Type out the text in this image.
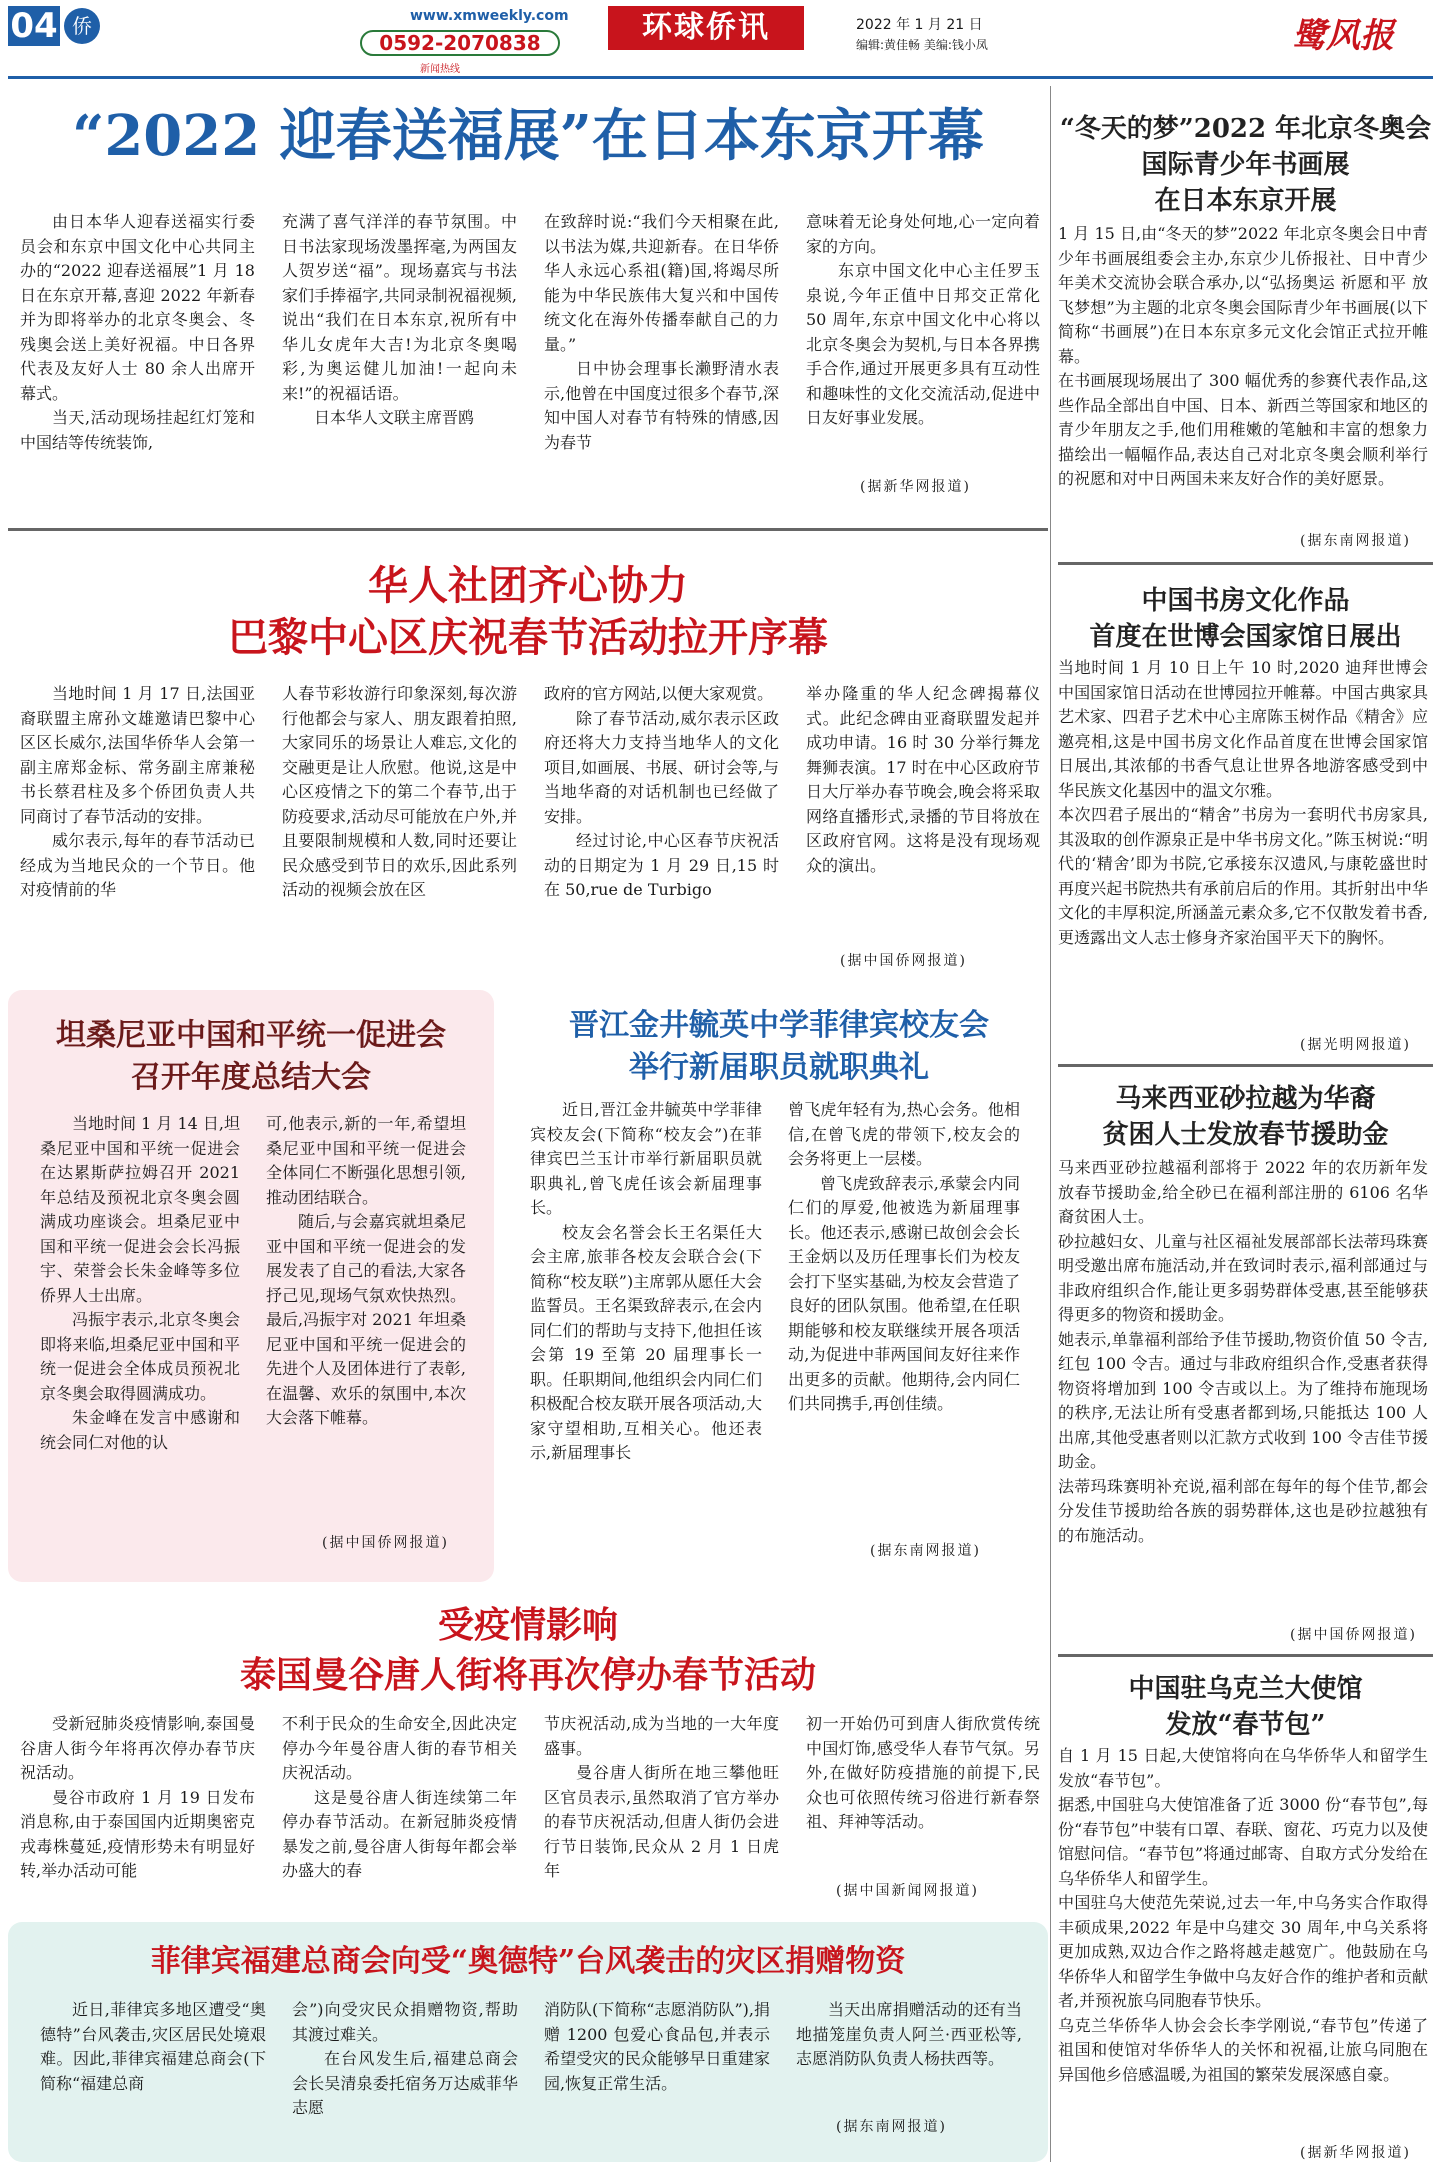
04 侨	www.xmweekly.com
0592-2070838
新闻热线
环球侨讯	2022 年 1 月 21 日
编辑:黄佳畅 美编:钱小凤	鹭风报
“2022 迎春送福展”在日本东京开幕

由日本华人迎春送福实行委员会和东京中国文化中心共同主办的“2022 迎春送福展”1 月 18 日在东京开幕,喜迎 2022 年新春并为即将举办的北京冬奥会、冬残奥会送上美好祝福。中日各界代表及友好人士 80 余人出席开幕式。

当天,活动现场挂起红灯笼和中国结等传统装饰,

充满了喜气洋洋的春节氛围。中日书法家现场泼墨挥毫,为两国友人贺岁送“福”。现场嘉宾与书法家们手捧福字,共同录制祝福视频,说出“我们在日本东京,祝所有中华儿女虎年大吉!为北京冬奥喝彩,为奥运健儿加油!一起向未来!”的祝福话语。

日本华人文联主席晋鸥

在致辞时说:“我们今天相聚在此,以书法为媒,共迎新春。在日华侨华人永远心系祖(籍)国,将竭尽所能为中华民族伟大复兴和中国传统文化在海外传播奉献自己的力量。”

日中协会理事长濑野清水表示,他曾在中国度过很多个春节,深知中国人对春节有特殊的情感,因为春节

意味着无论身处何地,心一定向着家的方向。

东京中国文化中心主任罗玉泉说,今年正值中日邦交正常化 50 周年,东京中国文化中心将以北京冬奥会为契机,与日本各界携手合作,通过开展更多具有互动性和趣味性的文化交流活动,促进中日友好事业发展。

(据新华网报道)
华人社团齐心协力
巴黎中心区庆祝春节活动拉开序幕

当地时间 1 月 17 日,法国亚裔联盟主席孙文雄邀请巴黎中心区区长威尔,法国华侨华人会第一副主席郑金标、常务副主席兼秘书长蔡君柱及多个侨团负责人共同商讨了春节活动的安排。

威尔表示,每年的春节活动已经成为当地民众的一个节日。他对疫情前的华

人春节彩妆游行印象深刻,每次游行他都会与家人、朋友跟着拍照,大家同乐的场景让人难忘,文化的交融更是让人欣慰。他说,这是中心区疫情之下的第二个春节,出于防疫要求,活动尽可能放在户外,并且要限制规模和人数,同时还要让民众感受到节日的欢乐,因此系列活动的视频会放在区

政府的官方网站,以便大家观赏。

除了春节活动,威尔表示区政府还将大力支持当地华人的文化项目,如画展、书展、研讨会等,与当地华裔的对话机制也已经做了安排。

经过讨论,中心区春节庆祝活动的日期定为 1 月 29 日,15 时在 50,rue de Turbigo

举办隆重的华人纪念碑揭幕仪式。此纪念碑由亚裔联盟发起并成功申请。16 时 30 分举行舞龙舞狮表演。17 时在中心区政府节日大厅举办春节晚会,晚会将采取网络直播形式,录播的节目将放在区政府官网。这将是没有现场观众的演出。

(据中国侨网报道)
坦桑尼亚中国和平统一促进会
召开年度总结大会

当地时间 1 月 14 日,坦桑尼亚中国和平统一促进会在达累斯萨拉姆召开 2021 年总结及预祝北京冬奥会圆满成功座谈会。坦桑尼亚中国和平统一促进会会长冯振宇、荣誉会长朱金峰等多位侨界人士出席。

冯振宇表示,北京冬奥会即将来临,坦桑尼亚中国和平统一促进会全体成员预祝北京冬奥会取得圆满成功。

朱金峰在发言中感谢和统会同仁对他的认

可,他表示,新的一年,希望坦桑尼亚中国和平统一促进会全体同仁不断强化思想引领,推动团结联合。

随后,与会嘉宾就坦桑尼亚中国和平统一促进会的发展发表了自己的看法,大家各抒己见,现场气氛欢快热烈。最后,冯振宇对 2021 年坦桑尼亚中国和平统一促进会的先进个人及团体进行了表彰,在温馨、欢乐的氛围中,本次大会落下帷幕。

(据中国侨网报道)
晋江金井毓英中学菲律宾校友会
举行新届职员就职典礼

近日,晋江金井毓英中学菲律宾校友会(下简称“校友会”)在菲律宾巴兰玉计市举行新届职员就职典礼,曾飞虎任该会新届理事长。

校友会名誉会长王名渠任大会主席,旅菲各校友会联合会(下简称“校友联”)主席郭从愿任大会监誓员。王名渠致辞表示,在会内同仁们的帮助与支持下,他担任该会第 19 至第 20 届理事长一职。任职期间,他组织会内同仁们积极配合校友联开展各项活动,大家守望相助,互相关心。他还表示,新届理事长

曾飞虎年轻有为,热心会务。他相信,在曾飞虎的带领下,校友会的会务将更上一层楼。

曾飞虎致辞表示,承蒙会内同仁们的厚爱,他被选为新届理事长。他还表示,感谢已故创会会长王金炳以及历任理事长们为校友会打下坚实基础,为校友会营造了良好的团队氛围。他希望,在任职期能够和校友联继续开展各项活动,为促进中菲两国间友好往来作出更多的贡献。他期待,会内同仁们共同携手,再创佳绩。

(据东南网报道)
受疫情影响
泰国曼谷唐人街将再次停办春节活动

受新冠肺炎疫情影响,泰国曼谷唐人街今年将再次停办春节庆祝活动。

曼谷市政府 1 月 19 日发布消息称,由于泰国国内近期奥密克戎毒株蔓延,疫情形势未有明显好转,举办活动可能

不利于民众的生命安全,因此决定停办今年曼谷唐人街的春节相关庆祝活动。

这是曼谷唐人街连续第二年停办春节活动。在新冠肺炎疫情暴发之前,曼谷唐人街每年都会举办盛大的春

节庆祝活动,成为当地的一大年度盛事。

曼谷唐人街所在地三攀他旺区官员表示,虽然取消了官方举办的春节庆祝活动,但唐人街仍会进行节日装饰,民众从 2 月 1 日虎年

初一开始仍可到唐人街欣赏传统中国灯饰,感受华人春节气氛。另外,在做好防疫措施的前提下,民众也可依照传统习俗进行新春祭祖、拜神等活动。

(据中国新闻网报道)
菲律宾福建总商会向受“奥德特”台风袭击的灾区捐赠物资

近日,菲律宾多地区遭受“奥德特”台风袭击,灾区居民处境艰难。因此,菲律宾福建总商会(下简称“福建总商

会”)向受灾民众捐赠物资,帮助其渡过难关。

在台风发生后,福建总商会会长吴清泉委托宿务万达威菲华志愿

消防队(下简称“志愿消防队”),捐赠 1200 包爱心食品包,并表示希望受灾的民众能够早日重建家园,恢复正常生活。

当天出席捐赠活动的还有当地描笼崖负责人阿兰·西亚松等,志愿消防队负责人杨扶西等。

(据东南网报道)
“冬天的梦”2022 年北京冬奥会
国际青少年书画展
在日本东京开展

1 月 15 日,由“冬天的梦”2022 年北京冬奥会日中青少年书画展组委会主办,东京少儿侨报社、日中青少年美术交流协会联合承办,以“弘扬奥运 祈愿和平 放飞梦想”为主题的北京冬奥会国际青少年书画展(以下简称“书画展”)在日本东京多元文化会馆正式拉开帷幕。

在书画展现场展出了 300 幅优秀的参赛代表作品,这些作品全部出自中国、日本、新西兰等国家和地区的青少年朋友之手,他们用稚嫩的笔触和丰富的想象力描绘出一幅幅作品,表达自己对北京冬奥会顺利举行的祝愿和对中日两国未来友好合作的美好愿景。

(据东南网报道)
中国书房文化作品
首度在世博会国家馆日展出

当地时间 1 月 10 日上午 10 时,2020 迪拜世博会中国国家馆日活动在世博园拉开帷幕。中国古典家具艺术家、四君子艺术中心主席陈玉树作品《精舍》应邀亮相,这是中国书房文化作品首度在世博会国家馆日展出,其浓郁的书香气息让世界各地游客感受到中华民族文化基因中的温文尔雅。

本次四君子展出的“精舍”书房为一套明代书房家具,其汲取的创作源泉正是中华书房文化。”陈玉树说:“明代的‘精舍’即为书院,它承接东汉遗风,与康乾盛世时再度兴起书院热共有承前启后的作用。其折射出中华文化的丰厚积淀,所涵盖元素众多,它不仅散发着书香,更透露出文人志士修身齐家治国平天下的胸怀。

(据光明网报道)
马来西亚砂拉越为华裔
贫困人士发放春节援助金

马来西亚砂拉越福利部将于 2022 年的农历新年发放春节援助金,给全砂已在福利部注册的 6106 名华裔贫困人士。

砂拉越妇女、儿童与社区福祉发展部部长法蒂玛珠赛明受邀出席布施活动,并在致词时表示,福利部通过与非政府组织合作,能让更多弱势群体受惠,甚至能够获得更多的物资和援助金。

她表示,单靠福利部给予佳节援助,物资价值 50 令吉,红包 100 令吉。通过与非政府组织合作,受惠者获得物资将增加到 100 令吉或以上。为了维持布施现场的秩序,无法让所有受惠者都到场,只能抵达 100 人出席,其他受惠者则以汇款方式收到 100 令吉佳节援助金。

法蒂玛珠赛明补充说,福利部在每年的每个佳节,都会分发佳节援助给各族的弱势群体,这也是砂拉越独有的布施活动。

(据中国侨网报道)
中国驻乌克兰大使馆
发放“春节包”

自 1 月 15 日起,大使馆将向在乌华侨华人和留学生发放“春节包”。

据悉,中国驻乌大使馆准备了近 3000 份“春节包”,每份“春节包”中装有口罩、春联、窗花、巧克力以及使馆慰问信。“春节包”将通过邮寄、自取方式分发给在乌华侨华人和留学生。

中国驻乌大使范先荣说,过去一年,中乌务实合作取得丰硕成果,2022 年是中乌建交 30 周年,中乌关系将更加成熟,双边合作之路将越走越宽广。他鼓励在乌华侨华人和留学生争做中乌友好合作的维护者和贡献者,并预祝旅乌同胞春节快乐。

乌克兰华侨华人协会会长李学刚说,“春节包”传递了祖国和使馆对华侨华人的关怀和祝福,让旅乌同胞在异国他乡倍感温暖,为祖国的繁荣发展深感自豪。

(据新华网报道)
